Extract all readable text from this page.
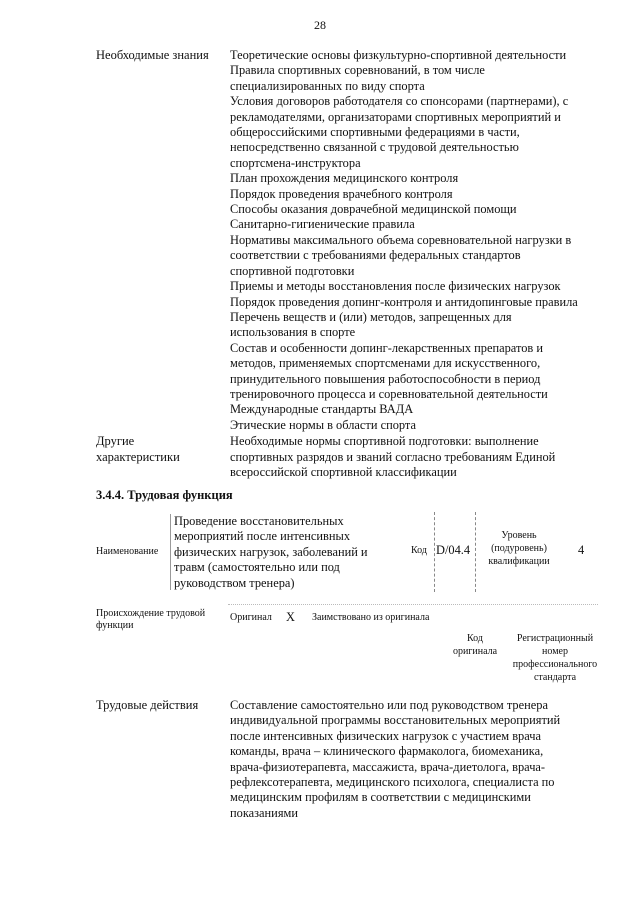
28
Необходимые знания	Теоретические основы физкультурно-спортивной деятельности
Правила спортивных соревнований, в том числе
специализированных по виду спорта
Условия договоров работодателя со спонсорами (партнерами), с
рекламодателями, организаторами спортивных мероприятий и
общероссийскими спортивными федерациями в части,
непосредственно связанной с трудовой деятельностью
спортсмена-инструктора
План прохождения медицинского контроля
Порядок проведения врачебного контроля
Способы оказания доврачебной медицинской помощи
Санитарно-гигиенические правила
Нормативы максимального объема соревновательной нагрузки в
соответствии с требованиями федеральных стандартов
спортивной подготовки
Приемы и методы восстановления после физических нагрузок
Порядок проведения допинг-контроля и антидопинговые правила
Перечень веществ и (или) методов, запрещенных для
использования в спорте
Состав и особенности допинг-лекарственных препаратов и
методов, применяемых спортсменами для искусственного,
принудительного повышения работоспособности в период
тренировочного процесса и соревновательной деятельности
Международные стандарты ВАДА
Этические нормы в области спорта
Другие
характеристики
Необходимые нормы спортивной подготовки: выполнение
спортивных разрядов и званий согласно требованиям Единой
всероссийской спортивной классификации
3.4.4. Трудовая функция
Наименование
Проведение восстановительных
мероприятий после интенсивных
физических нагрузок, заболеваний и
травм (самостоятельно или под
руководством тренера)
Код D/04.4
Уровень
(подуровень)
квалификации
4
Происхождение трудовой
функции
Оригинал X Заимствовано из оригинала
Код
оригинала
Регистрационный
номер
профессионального
стандарта
Трудовые действия	Составление самостоятельно или под руководством тренера
индивидуальной программы восстановительных мероприятий
после интенсивных физических нагрузок с участием врача
команды, врача – клинического фармаколога, биомеханика,
врача-физиотерапевта, массажиста, врача-диетолога, врача-
рефлексотерапевта, медицинского психолога, специалиста по
медицинским профилям в соответствии с медицинскими
показаниями
